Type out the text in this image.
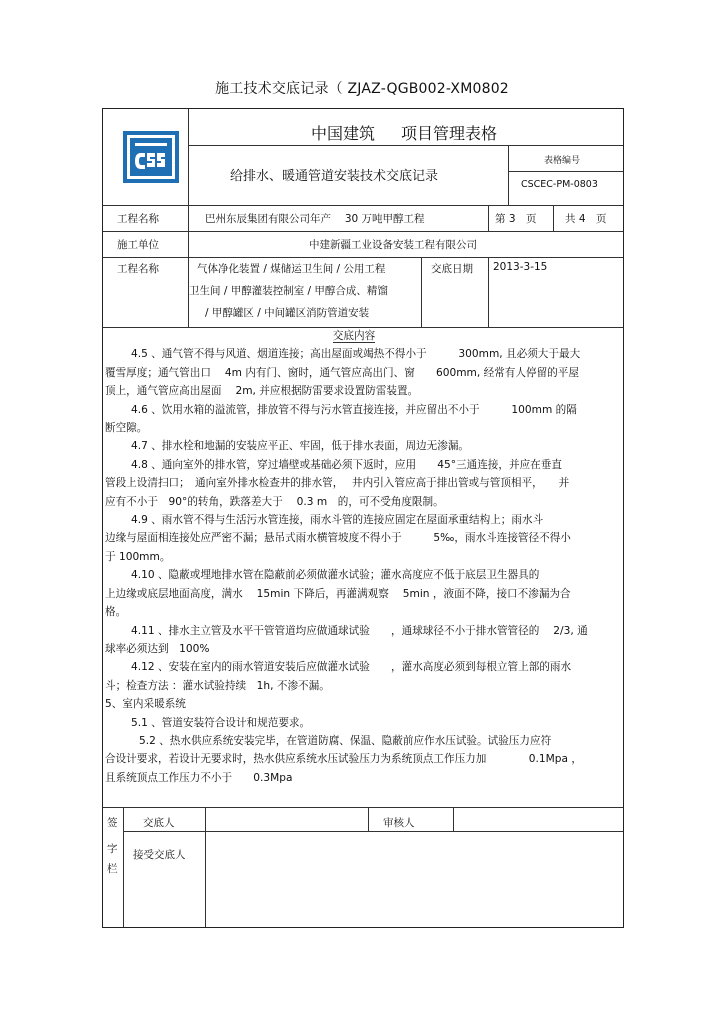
施工技术交底记录（ ZJAZ-QGB002-XM0802
中国建筑 项目管理表格
给排水、暖通管道安装技术交底记录
表格编号
CSCEC-PM-0803
工程名称	巴州东辰集团有限公司年产　 30 万吨甲醇工程	第 3　页	共 4　页
施工单位	中建新疆工业设备安装工程有限公司
工程名称	气体净化装置 / 煤储运卫生间 / 公用工程
卫生间 / 甲醇灌装控制室 / 甲醇合成、精馏
/ 甲醇罐区 / 中间罐区消防管道安装
交底日期 2013-3-15
交底内容

4.5 、通气管不得与风道、烟道连接；高出屋面或竭热不得小于　　　300mm, 且必须大于最大

覆雪厚度；通气管出口　 4m 内有门、窗时，通气管应高出门、窗　　600mm, 经常有人停留的平屋

顶上，通气管应高出屋面　 2m, 并应根据防雷要求设置防雷装置。

4.6 、饮用水箱的溢流管，排放管不得与污水管直接连接，并应留出不小于　　　100mm 的隔

断空隙。

4.7 、排水栓和地漏的安装应平正、牢固，低于排水表面，周边无渗漏。

4.8 、通向室外的排水管，穿过墙壁或基础必须下返时，应用　　45°三通连接，并应在垂直

管段上设清扫口；　通向室外排水检查井的排水管，　 井内引入管应高于排出管或与管顶相平，　　并

应有不小于　90°的转角，跌落差大于　 0.3 m　的，可不受角度限制。

4.9 、雨水管不得与生活污水管连接，雨水斗管的连接应固定在屋面承重结构上；雨水斗

边缘与屋面相连接处应严密不漏；悬吊式雨水横管坡度不得小于　　　5‰，雨水斗连接管径不得小

于 100mm。

4.10 、隐蔽或埋地排水管在隐蔽前必须做灌水试验；灌水高度应不低于底层卫生器具的

上边缘或底层地面高度，满水　 15min 下降后，再灌满观察　 5min ，液面不降，接口不渗漏为合

格。

4.11 、排水主立管及水平干管管道均应做通球试验　　，通球球径不小于排水管管径的　 2/3, 通

球率必须达到　100%

4.12 、安装在室内的雨水管道安装后应做灌水试验　　，灌水高度必须到每根立管上部的雨水

斗；检查方法 ：灌水试验持续　1h, 不渗不漏。

5、室内采暖系统

5.1 、管道安装符合设计和规范要求。

5.2 、热水供应系统安装完毕，在管道防腐、保温、隐蔽前应作水压试验。试验压力应符

合设计要求，若设计无要求时，热水供应系统水压试验压力为系统顶点工作压力加　　　　0.1Mpa ，

且系统顶点工作压力不小于　　0.3Mpa

签
字
栏
交底人	审核人
接受交底人
